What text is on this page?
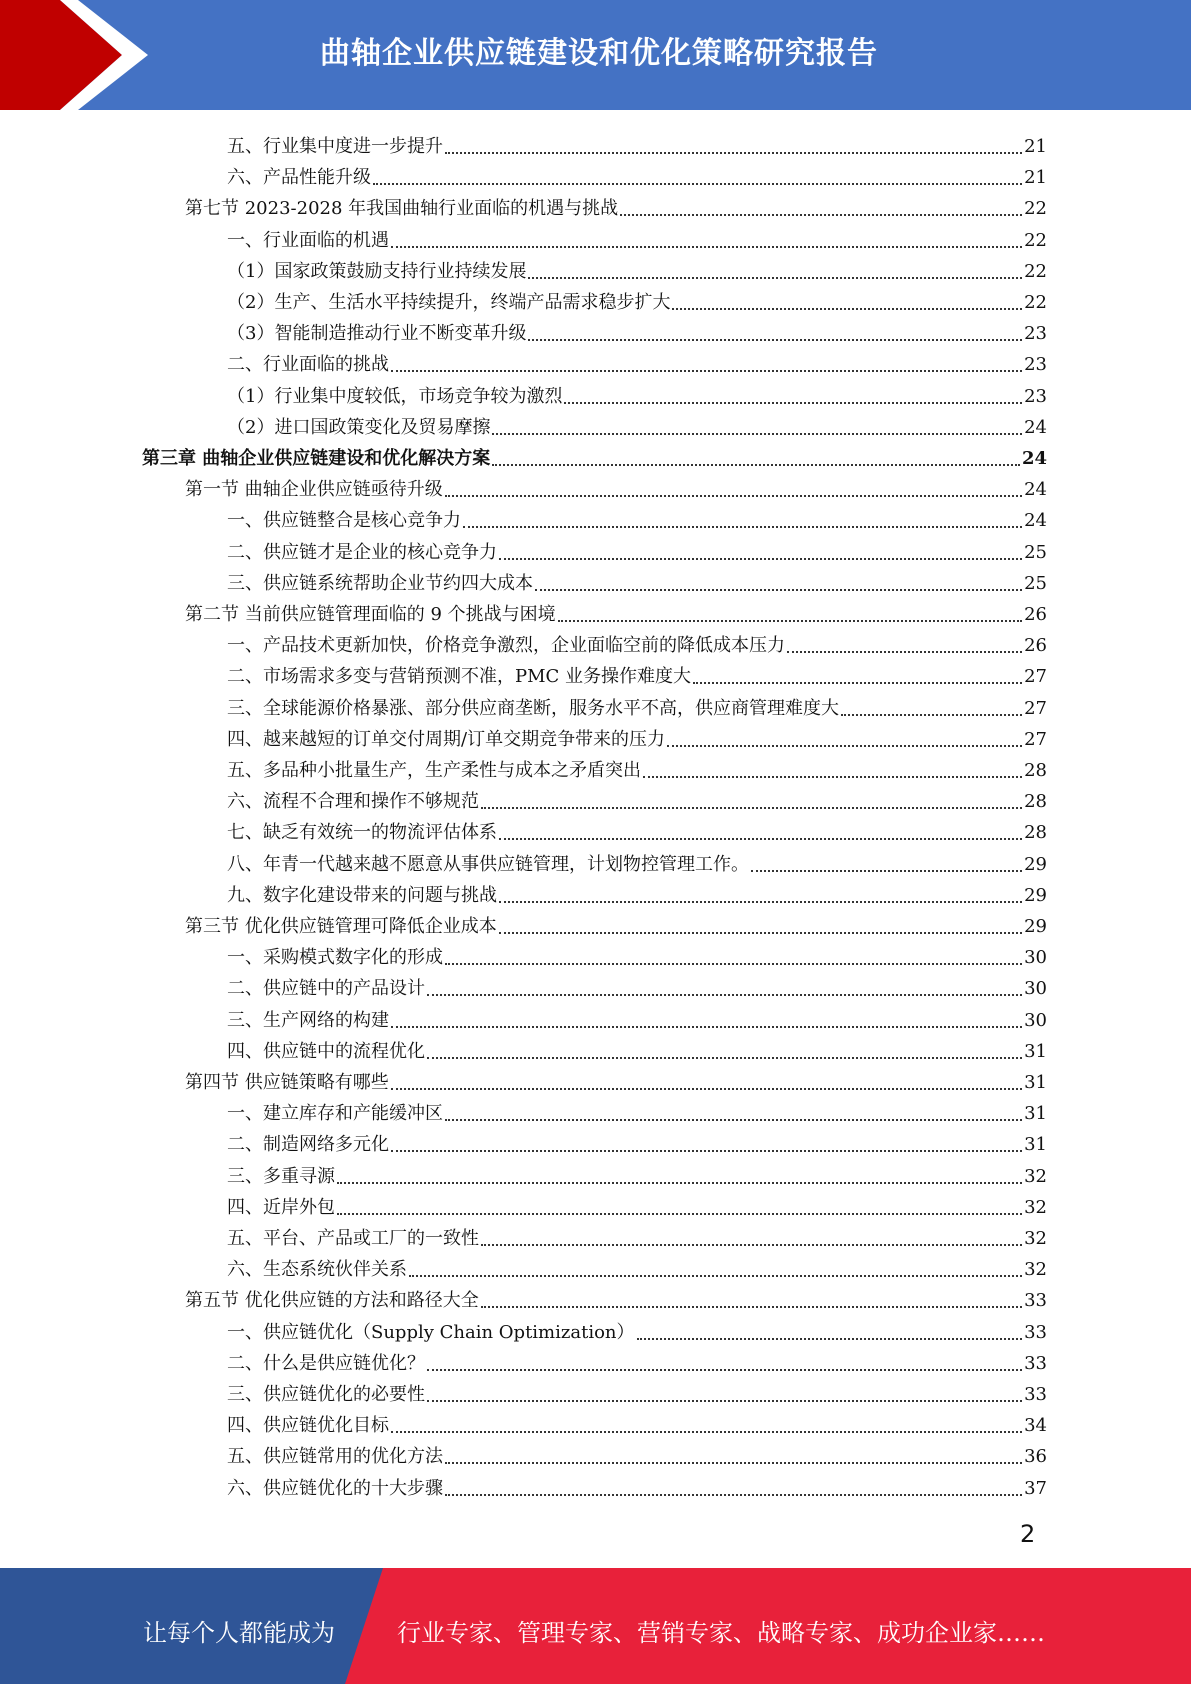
曲轴企业供应链建设和优化策略研究报告
五、行业集中度进一步提升	21
六、产品性能升级	21
第七节 2023-2028 年我国曲轴行业面临的机遇与挑战	22
一、行业面临的机遇	22
（1）国家政策鼓励支持行业持续发展	22
（2）生产、生活水平持续提升，终端产品需求稳步扩大	22
（3）智能制造推动行业不断变革升级	23
二、行业面临的挑战	23
（1）行业集中度较低，市场竞争较为激烈	23
（2）进口国政策变化及贸易摩擦	24
第三章 曲轴企业供应链建设和优化解决方案	24
第一节 曲轴企业供应链亟待升级	24
一、供应链整合是核心竞争力	24
二、供应链才是企业的核心竞争力	25
三、供应链系统帮助企业节约四大成本	25
第二节 当前供应链管理面临的 9 个挑战与困境	26
一、产品技术更新加快，价格竞争激烈，企业面临空前的降低成本压力	26
二、市场需求多变与营销预测不准，PMC 业务操作难度大	27
三、全球能源价格暴涨、部分供应商垄断，服务水平不高，供应商管理难度大	27
四、越来越短的订单交付周期/订单交期竞争带来的压力	27
五、多品种小批量生产，生产柔性与成本之矛盾突出	28
六、流程不合理和操作不够规范	28
七、缺乏有效统一的物流评估体系	28
八、年青一代越来越不愿意从事供应链管理，计划物控管理工作。	29
九、数字化建设带来的问题与挑战	29
第三节 优化供应链管理可降低企业成本	29
一、采购模式数字化的形成	30
二、供应链中的产品设计	30
三、生产网络的构建	30
四、供应链中的流程优化	31
第四节 供应链策略有哪些	31
一、建立库存和产能缓冲区	31
二、制造网络多元化	31
三、多重寻源	32
四、近岸外包	32
五、平台、产品或工厂的一致性	32
六、生态系统伙伴关系	32
第五节 优化供应链的方法和路径大全	33
一、供应链优化（Supply Chain Optimization）	33
二、什么是供应链优化？	33
三、供应链优化的必要性	33
四、供应链优化目标	34
五、供应链常用的优化方法	36
六、供应链优化的十大步骤	37
2
让每个人都能成为	行业专家、管理专家、营销专家、战略专家、成功企业家……
